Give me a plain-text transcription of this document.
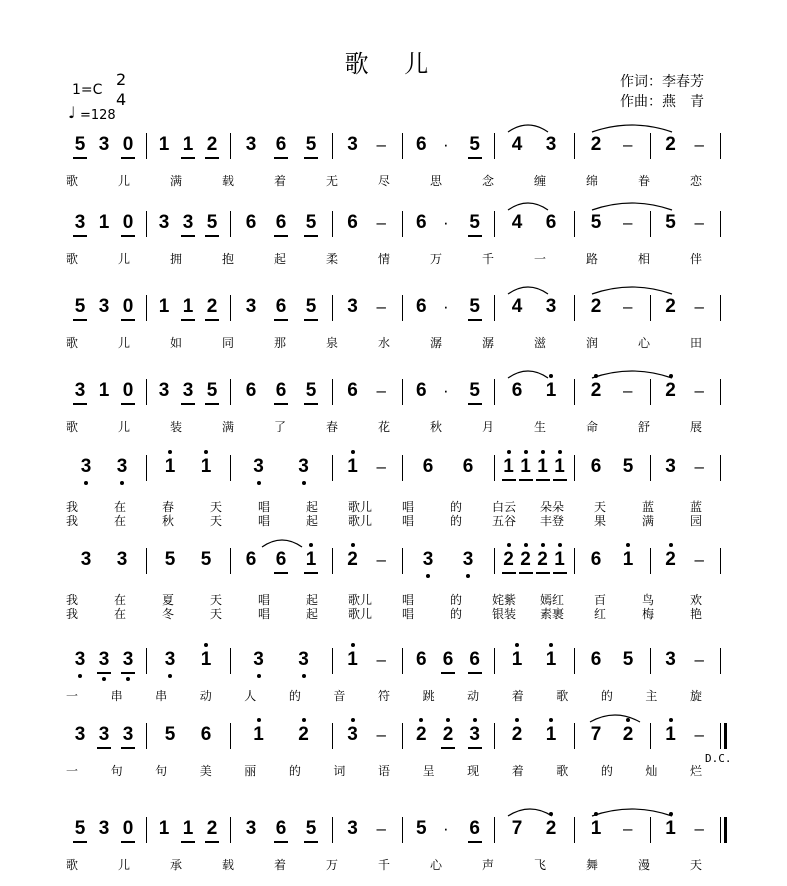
歌 儿
1=C
2
4
♩ =128
作词：李春芳
作曲：燕　青
5 3 0 1 1 2 3 6 5 3 – 6 · 5 4 3 2 – 2 –
歌	儿	满	载	着	无	尽	思	念	缠	绵	眷	恋
3 1 0 3 3 5 6 6 5 6 – 6 · 5 4 6 5 – 5 –
歌	儿	拥	抱	起	柔	情	万	千	一	路	相	伴
5 3 0 1 1 2 3 6 5 3 – 6 · 5 4 3 2 – 2 –
歌	儿	如	同	那	泉	水	潺	潺	滋	润	心	田
3 1 0 3 3 5 6 6 5 6 – 6 · 5 6 1 2 – 2 –
歌	儿	装	满	了	春	花	秋	月	生	命	舒	展
3 3 1 1 3 3 1 – 6 6 1 1 1 1 6 5 3 –
我	在	春	天	唱	起 歌儿 唱	的 白云 朵朵 天	蓝	蓝
我	在	秋	天	唱	起 歌儿 唱	的 五谷 丰登 果	满	园
3 3 5 5 6 6 1 2 – 3 3 2 2 2 1 6 1 2 –
我	在	夏	天	唱	起 歌儿 唱	的 姹紫 嫣红 百	鸟	欢
我	在	冬	天	唱	起 歌儿 唱	的 银装 素裹 红	梅	艳
3 3 3 3 1 3 3 1 – 6 6 6 1 1 6 5 3 –
一	串	串	动	人	的	音	符	跳	动	着	歌	的	主	旋
3 3 3 5 6 1 2 3 – 2 2 3 2 1 7 2 1 –
一	句	句	美	丽	的	词	语	呈	现	着	歌	的	灿	烂
5 3 0 1 1 2 3 6 5 3 – 5 · 6 7 2 1 – 1 –
歌	儿	承	载	着	万	千	心	声	飞	舞	漫	天
D.C.
